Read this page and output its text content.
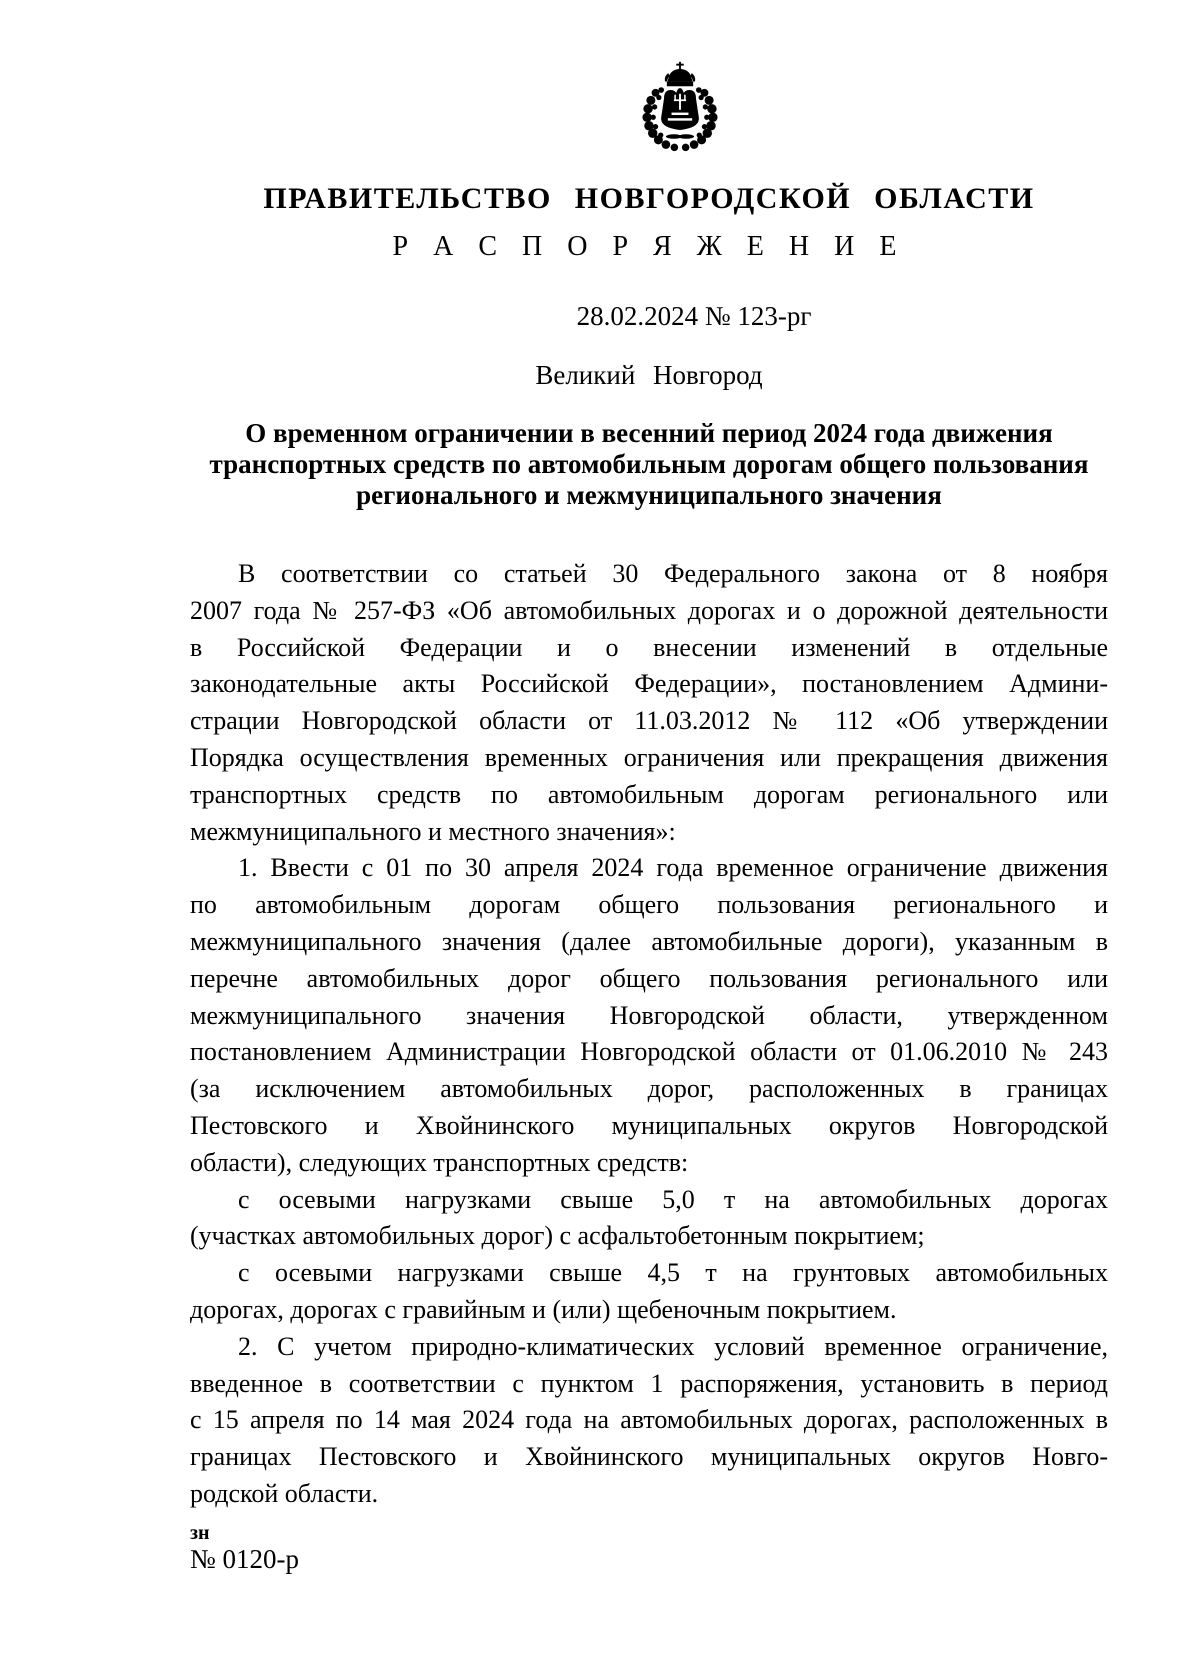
ПРАВИТЕЛЬСТВО НОВГОРОДСКОЙ ОБЛАСТИ
Р А С П О Р Я Ж Е Н И Е
28.02.2024 № 123-рг
Великий Новгород
О временном ограничении в весенний период 2024 года движения
транспортных средств по автомобильным дорогам общего пользования
регионального и межмуниципального значения
В соответствии со статьей 30 Федерального закона от 8 ноября
2007 года № 257-ФЗ «Об автомобильных дорогах и о дорожной деятельности
в Российской Федерации и о внесении изменений в отдельные
законодательные акты Российской Федерации», постановлением Админи-
страции Новгородской области от 11.03.2012 № 112 «Об утверждении
Порядка осуществления временных ограничения или прекращения движения
транспортных средств по автомобильным дорогам регионального или
межмуниципального и местного значения»:
1. Ввести с 01 по 30 апреля 2024 года временное ограничение движения
по автомобильным дорогам общего пользования регионального и
межмуниципального значения (далее автомобильные дороги), указанным в
перечне автомобильных дорог общего пользования регионального или
межмуниципального значения Новгородской области, утвержденном
постановлением Администрации Новгородской области от 01.06.2010 № 243
(за исключением автомобильных дорог, расположенных в границах
Пестовского и Хвойнинского муниципальных округов Новгородской
области), следующих транспортных средств:
с осевыми нагрузками свыше 5,0 т на автомобильных дорогах
(участках автомобильных дорог) с асфальтобетонным покрытием;
с осевыми нагрузками свыше 4,5 т на грунтовых автомобильных
дорогах, дорогах с гравийным и (или) щебеночным покрытием.
2. С учетом природно-климатических условий временное ограничение,
введенное в соответствии с пунктом 1 распоряжения, установить в период
с 15 апреля по 14 мая 2024 года на автомобильных дорогах, расположенных в
границах Пестовского и Хвойнинского муниципальных округов Новго-
родской области.
зн
№ 0120-р
